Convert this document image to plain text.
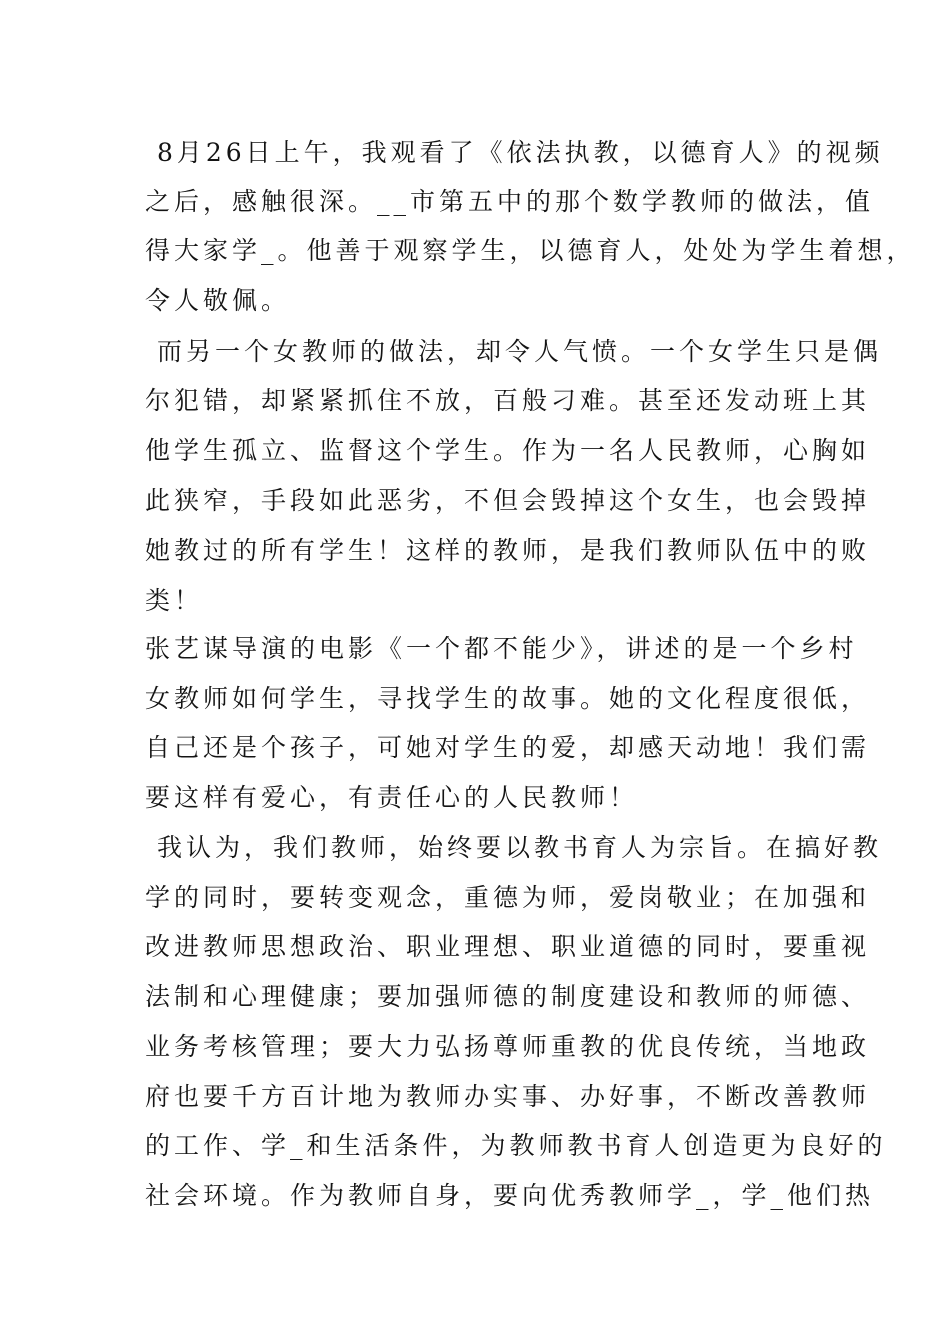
8月26日上午，我观看了《依法执教，以德育人》的视频
之后，感触很深。__市第五中的那个数学教师的做法，值
得大家学_。他善于观察学生，以德育人，处处为学生着想，
令人敬佩。
而另一个女教师的做法，却令人气愤。一个女学生只是偶
尔犯错，却紧紧抓住不放，百般刁难。甚至还发动班上其
他学生孤立、监督这个学生。作为一名人民教师，心胸如
此狭窄，手段如此恶劣，不但会毁掉这个女生，也会毁掉
她教过的所有学生！这样的教师，是我们教师队伍中的败
类！
张艺谋导演的电影《一个都不能少》，讲述的是一个乡村
女教师如何学生，寻找学生的故事。她的文化程度很低，
自己还是个孩子，可她对学生的爱，却感天动地！我们需
要这样有爱心，有责任心的人民教师！
我认为，我们教师，始终要以教书育人为宗旨。在搞好教
学的同时，要转变观念，重德为师，爱岗敬业；在加强和
改进教师思想政治、职业理想、职业道德的同时，要重视
法制和心理健康；要加强师德的制度建设和教师的师德、
业务考核管理；要大力弘扬尊师重教的优良传统，当地政
府也要千方百计地为教师办实事、办好事，不断改善教师
的工作、学_和生活条件，为教师教书育人创造更为良好的
社会环境。作为教师自身，要向优秀教师学_，学_他们热
